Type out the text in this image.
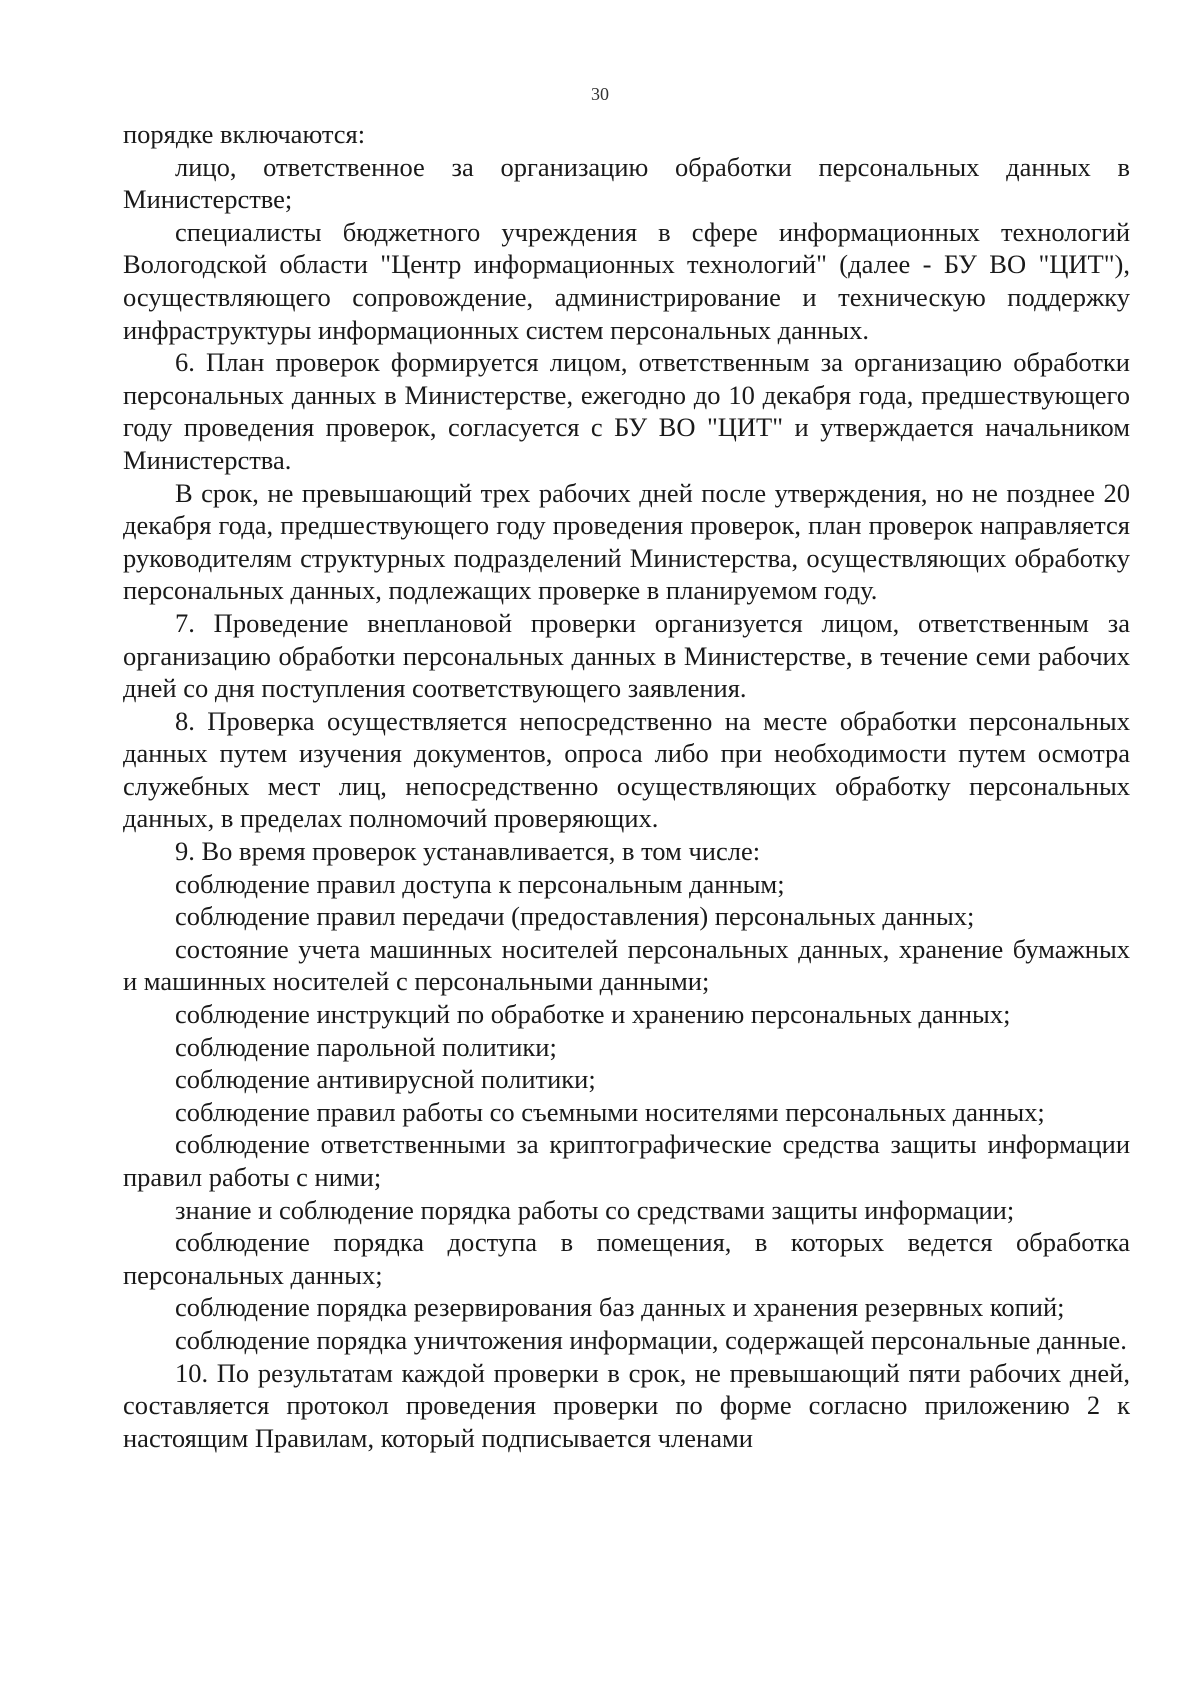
30

порядке включаются:

лицо, ответственное за организацию обработки персональных данных в Министерстве;

специалисты бюджетного учреждения в сфере информационных технологий Вологодской области "Центр информационных технологий" (далее - БУ ВО "ЦИТ"), осуществляющего сопровождение, администрирование и техническую поддержку инфраструктуры информационных систем персональных данных.

6. План проверок формируется лицом, ответственным за организацию обработки персональных данных в Министерстве, ежегодно до 10 декабря года, предшествующего году проведения проверок, согласуется с БУ ВО "ЦИТ" и утверждается начальником Министерства.

В срок, не превышающий трех рабочих дней после утверждения, но не позднее 20 декабря года, предшествующего году проведения проверок, план проверок направляется руководителям структурных подразделений Министерства, осуществляющих обработку персональных данных, подлежащих проверке в планируемом году.

7. Проведение внеплановой проверки организуется лицом, ответственным за организацию обработки персональных данных в Министерстве, в течение семи рабочих дней со дня поступления соответствующего заявления.

8. Проверка осуществляется непосредственно на месте обработки персональных данных путем изучения документов, опроса либо при необходимости путем осмотра служебных мест лиц, непосредственно осуществляющих обработку персональных данных, в пределах полномочий проверяющих.

9. Во время проверок устанавливается, в том числе:

соблюдение правил доступа к персональным данным;

соблюдение правил передачи (предоставления) персональных данных;

состояние учета машинных носителей персональных данных, хранение бумажных и машинных носителей с персональными данными;

соблюдение инструкций по обработке и хранению персональных данных;

соблюдение парольной политики;

соблюдение антивирусной политики;

соблюдение правил работы со съемными носителями персональных данных;

соблюдение ответственными за криптографические средства защиты информации правил работы с ними;

знание и соблюдение порядка работы со средствами защиты информации;

соблюдение порядка доступа в помещения, в которых ведется обработка персональных данных;

соблюдение порядка резервирования баз данных и хранения резервных копий;

соблюдение порядка уничтожения информации, содержащей персональные данные.

10. По результатам каждой проверки в срок, не превышающий пяти рабочих дней, составляется протокол проведения проверки по форме согласно приложению 2 к настоящим Правилам, который подписывается членами
